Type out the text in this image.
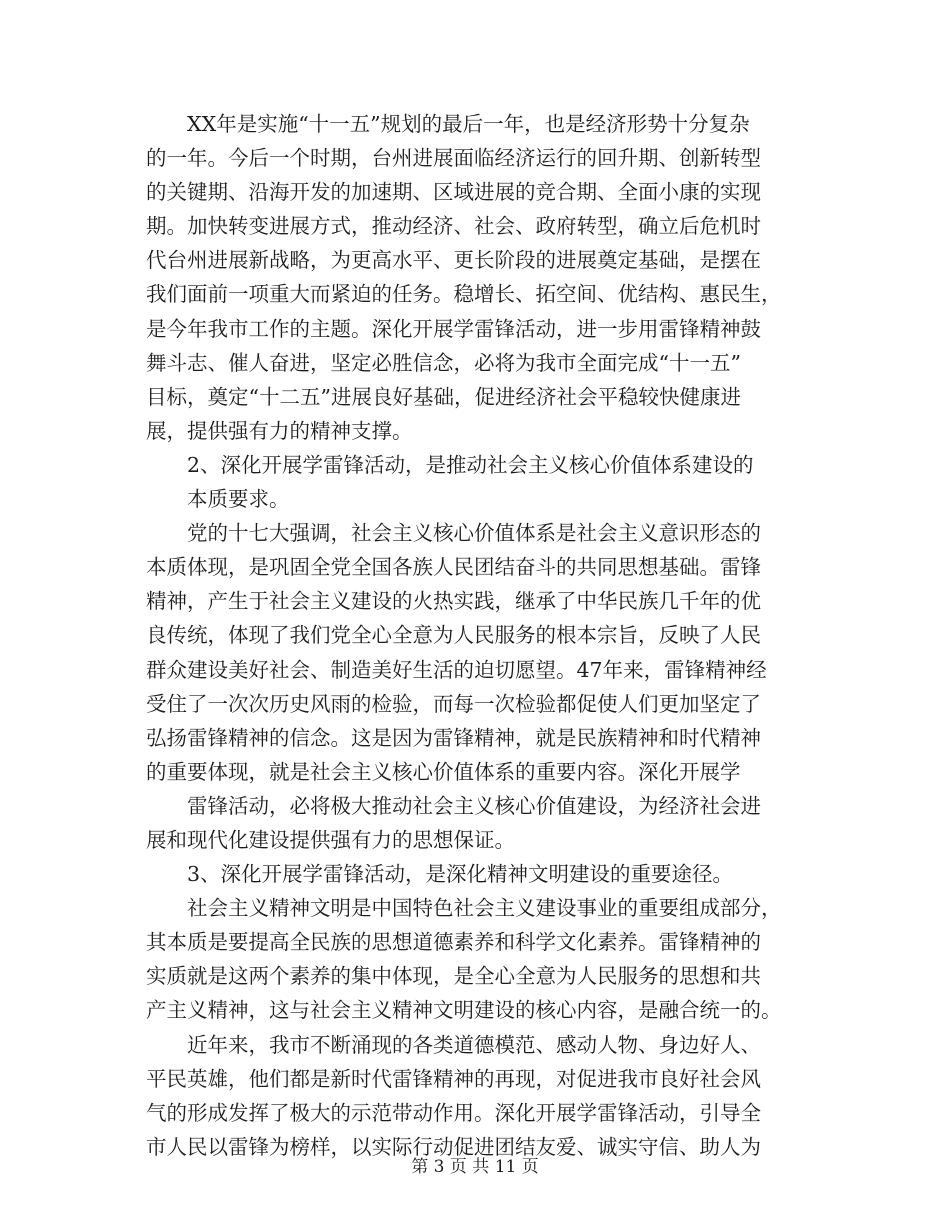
XX年是实施“十一五”规划的最后一年，也是经济形势十分复杂
的一年。今后一个时期，台州进展面临经济运行的回升期、创新转型
的关键期、沿海开发的加速期、区域进展的竞合期、全面小康的实现
期。加快转变进展方式，推动经济、社会、政府转型，确立后危机时
代台州进展新战略，为更高水平、更长阶段的进展奠定基础，是摆在
我们面前一项重大而紧迫的任务。稳增长、拓空间、优结构、惠民生，
是今年我市工作的主题。深化开展学雷锋活动，进一步用雷锋精神鼓
舞斗志、催人奋进，坚定必胜信念，必将为我市全面完成“十一五”
目标，奠定“十二五”进展良好基础，促进经济社会平稳较快健康进
展，提供强有力的精神支撑。
2、深化开展学雷锋活动，是推动社会主义核心价值体系建设的
本质要求。
党的十七大强调，社会主义核心价值体系是社会主义意识形态的
本质体现，是巩固全党全国各族人民团结奋斗的共同思想基础。雷锋
精神，产生于社会主义建设的火热实践，继承了中华民族几千年的优
良传统，体现了我们党全心全意为人民服务的根本宗旨，反映了人民
群众建设美好社会、制造美好生活的迫切愿望。47年来，雷锋精神经
受住了一次次历史风雨的检验，而每一次检验都促使人们更加坚定了
弘扬雷锋精神的信念。这是因为雷锋精神，就是民族精神和时代精神
的重要体现，就是社会主义核心价值体系的重要内容。深化开展学
雷锋活动，必将极大推动社会主义核心价值建设，为经济社会进
展和现代化建设提供强有力的思想保证。
3、深化开展学雷锋活动，是深化精神文明建设的重要途径。
社会主义精神文明是中国特色社会主义建设事业的重要组成部分，
其本质是要提高全民族的思想道德素养和科学文化素养。雷锋精神的
实质就是这两个素养的集中体现，是全心全意为人民服务的思想和共
产主义精神，这与社会主义精神文明建设的核心内容，是融合统一的。
近年来，我市不断涌现的各类道德模范、感动人物、身边好人、
平民英雄，他们都是新时代雷锋精神的再现，对促进我市良好社会风
气的形成发挥了极大的示范带动作用。深化开展学雷锋活动，引导全
市人民以雷锋为榜样，以实际行动促进团结友爱、诚实守信、助人为
第 3 页 共 11 页
